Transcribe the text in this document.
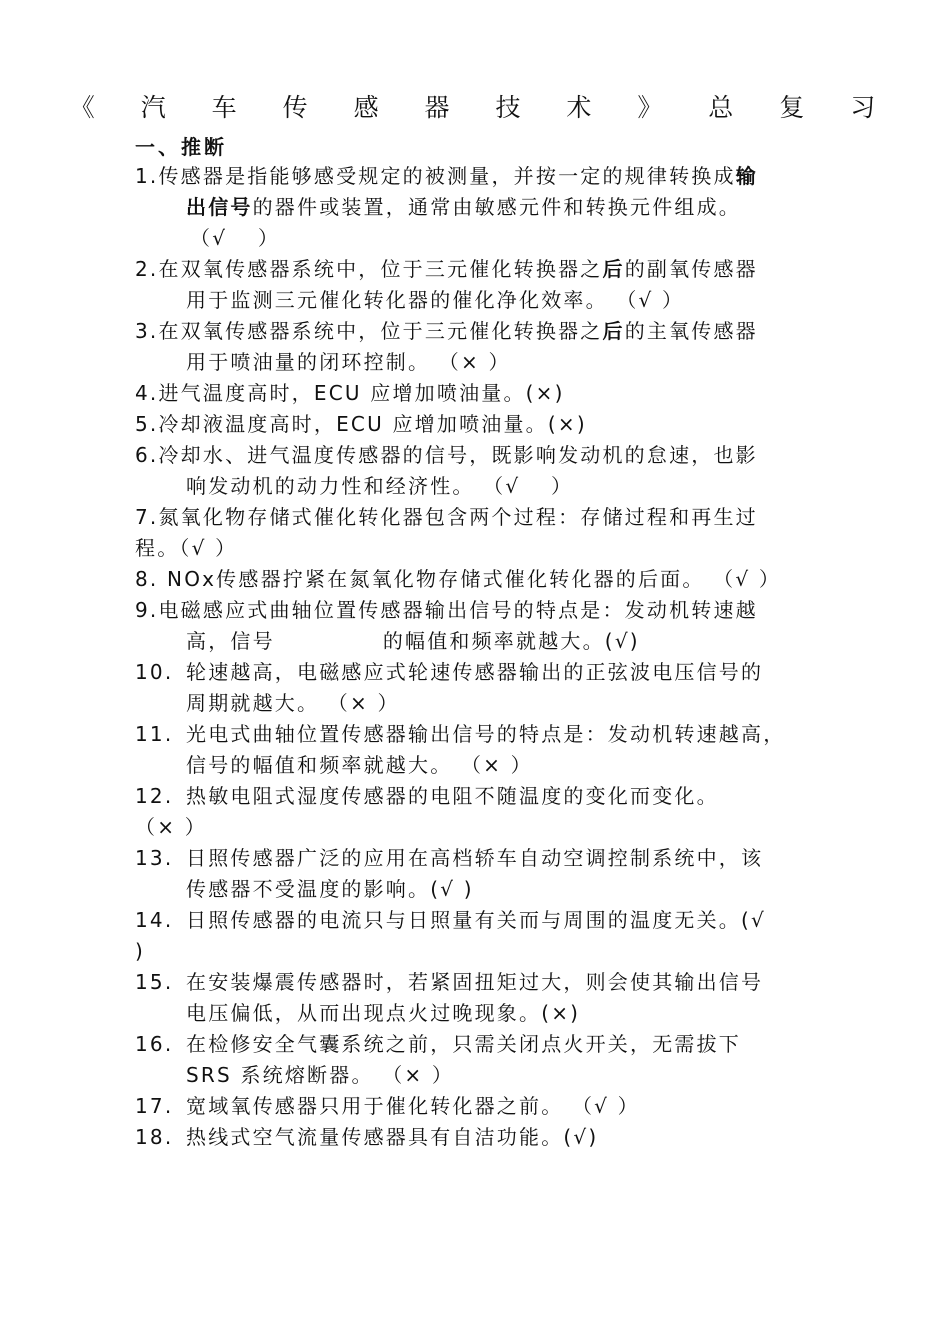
《 汽 车 传 感 器 技 术 》 总 复 习
一、推断
1.传感器是指能够感受规定的被测量，并按一定的规律转换成输
出信号的器件或装置，通常由敏感元件和转换元件组成。
（√　 ）
2.在双氧传感器系统中，位于三元催化转换器之后的副氧传感器
用于监测三元催化转化器的催化净化效率。 （√ ）
3.在双氧传感器系统中，位于三元催化转换器之后的主氧传感器
用于喷油量的闭环控制。 （× ）
4.进气温度高时，ECU 应增加喷油量。(×)
5.冷却液温度高时，ECU 应增加喷油量。(×)
6.冷却水、进气温度传感器的信号，既影响发动机的怠速，也影
响发动机的动力性和经济性。 （√　 ）
7.氮氧化物存储式催化转化器包含两个过程：存储过程和再生过
程。（√ ）
8. NOx传感器拧紧在氮氧化物存储式催化转化器的后面。 （√ ）
9.电磁感应式曲轴位置传感器输出信号的特点是：发动机转速越
高，信号	的幅值和频率就越大。(√)
10. 轮速越高，电磁感应式轮速传感器输出的正弦波电压信号的
周期就越大。 （× ）
11. 光电式曲轴位置传感器输出信号的特点是：发动机转速越高，
信号的幅值和频率就越大。 （× ）
12. 热敏电阻式湿度传感器的电阻不随温度的变化而变化。
（× ）
13. 日照传感器广泛的应用在高档轿车自动空调控制系统中，该
传感器不受温度的影响。(√ )
14. 日照传感器的电流只与日照量有关而与周围的温度无关。(√
)
15. 在安装爆震传感器时，若紧固扭矩过大，则会使其输出信号
电压偏低，从而出现点火过晚现象。(×)
16. 在检修安全气囊系统之前，只需关闭点火开关，无需拔下
SRS 系统熔断器。 （× ）
17. 宽域氧传感器只用于催化转化器之前。 （√ ）
18. 热线式空气流量传感器具有自洁功能。(√)
